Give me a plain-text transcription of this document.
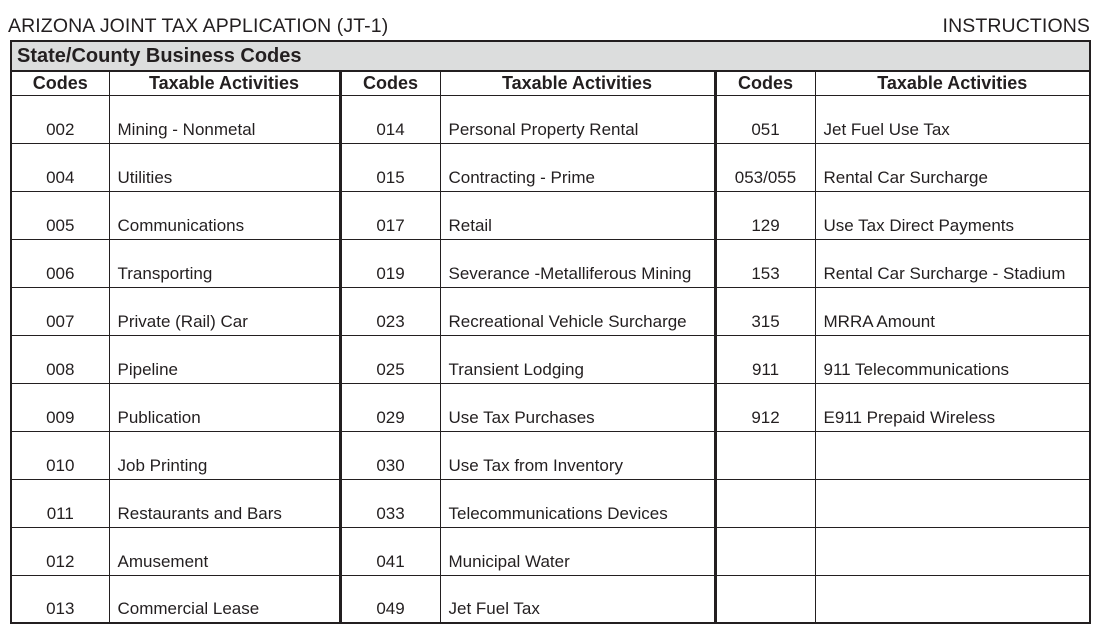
ARIZONA JOINT TAX APPLICATION (JT-1)	INSTRUCTIONS
State/County Business Codes					
Codes	Taxable Activities	Codes	Taxable Activities	Codes	Taxable Activities
002	Mining - Nonmetal	014	Personal Property Rental	051	Jet Fuel Use Tax
004	Utilities	015	Contracting - Prime	053/055	Rental Car Surcharge
005	Communications	017	Retail	129	Use Tax Direct Payments
006	Transporting	019	Severance -Metalliferous Mining	153	Rental Car Surcharge - Stadium
007	Private (Rail) Car	023	Recreational Vehicle Surcharge	315	MRRA Amount
008	Pipeline	025	Transient Lodging	911	911 Telecommunications
009	Publication	029	Use Tax Purchases	912	E911 Prepaid Wireless
010	Job Printing	030	Use Tax from Inventory		
011	Restaurants and Bars	033	Telecommunications Devices		
012	Amusement	041	Municipal Water		
013	Commercial Lease	049	Jet Fuel Tax		
